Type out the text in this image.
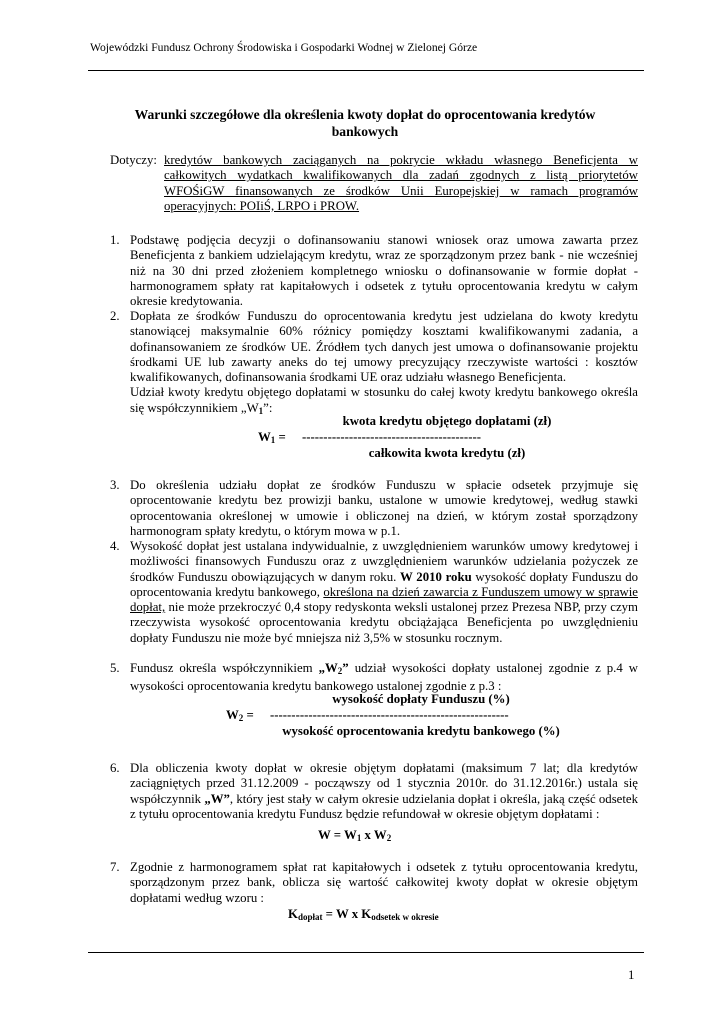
Wojewódzki Fundusz Ochrony Środowiska i Gospodarki Wodnej w Zielonej Górze
Warunki szczegółowe dla określenia kwoty dopłat do oprocentowania kredytów bankowych
Dotyczy: kredytów bankowych zaciąganych na pokrycie wkładu własnego Beneficjenta w całkowitych wydatkach kwalifikowanych dla zadań zgodnych z listą priorytetów WFOŚiGW finansowanych ze środków Unii Europejskiej w ramach programów operacyjnych: POIiŚ, LRPO i PROW.
1. Podstawę podjęcia decyzji o dofinansowaniu stanowi wniosek oraz umowa zawarta przez Beneficjenta z bankiem udzielającym kredytu, wraz ze sporządzonym przez bank - nie wcześniej niż na 30 dni przed złożeniem kompletnego wniosku o dofinansowanie w formie dopłat - harmonogramem spłaty rat kapitałowych i odsetek z tytułu oprocentowania kredytu w całym okresie kredytowania.
2. Dopłata ze środków Funduszu do oprocentowania kredytu jest udzielana do kwoty kredytu stanowiącej maksymalnie 60% różnicy pomiędzy kosztami kwalifikowanymi zadania, a dofinansowaniem ze środków UE. Źródłem tych danych jest umowa o dofinansowanie projektu środkami UE lub zawarty aneks do tej umowy precyzujący rzeczywiste wartości : kosztów kwalifikowanych, dofinansowania środkami UE oraz udziału własnego Beneficjenta.
Udział kwoty kredytu objętego dopłatami w stosunku do całej kwoty kredytu bankowego określa się współczynnikiem $„W_1$”:
3. Do określenia udziału dopłat ze środków Funduszu w spłacie odsetek przyjmuje się oprocentowanie kredytu bez prowizji banku, ustalone w umowie kredytowej, według stawki oprocentowania określonej w umowie i obliczonej na dzień, w którym został sporządzony harmonogram spłaty kredytu, o którym mowa w p.1.
4. Wysokość dopłat jest ustalana indywidualnie, z uwzględnieniem warunków umowy kredytowej i możliwości finansowych Funduszu oraz z uwzględnieniem warunków udzielania pożyczek ze środków Funduszu obowiązujących w danym roku. W 2010 roku wysokość dopłaty Funduszu do oprocentowania kredytu bankowego, określona na dzień zawarcia z Funduszem umowy w sprawie dopłat, nie może przekroczyć 0,4 stopy redyskonta weksli ustalonej przez Prezesa NBP, przy czym rzeczywista wysokość oprocentowania kredytu obciążająca Beneficjenta po uwzględnieniu dopłaty Funduszu nie może być mniejsza niż 3,5% w stosunku rocznym.
5. Fundusz określa współczynnikiem $„W_2$” udział wysokości dopłaty ustalonej zgodnie z p.4 w wysokości oprocentowania kredytu bankowego ustalonej zgodnie z p.3 :
6. Dla obliczenia kwoty dopłat w okresie objętym dopłatami (maksimum 7 lat; dla kredytów zaciągniętych przed 31.12.2009 - począwszy od 1 stycznia 2010r. do 31.12.2016r.) ustala się współczynnik „W”, który jest stały w całym okresie udzielania dopłat i określa, jaką część odsetek z tytułu oprocentowania kredytu Fundusz będzie refundował w okresie objętym dopłatami :
7. Zgodnie z harmonogramem spłat rat kapitałowych i odsetek z tytułu oprocentowania kredytu, sporządzonym przez bank, oblicza się wartość całkowitej kwoty dopłat w okresie objętym dopłatami według wzoru :
kwota kredytu objętego dopłatami (zł)
$W_1$ = ------------------------------------------
całkowita kwota kredytu (zł)
wysokość dopłaty Funduszu (%)
$W_2$ = --------------------------------------------------------
wysokość oprocentowania kredytu bankowego (%)
$W = W_1$ x $W_2$
$K_{dopłat} = W$ x $K_{odsetek w okresie}$
1
